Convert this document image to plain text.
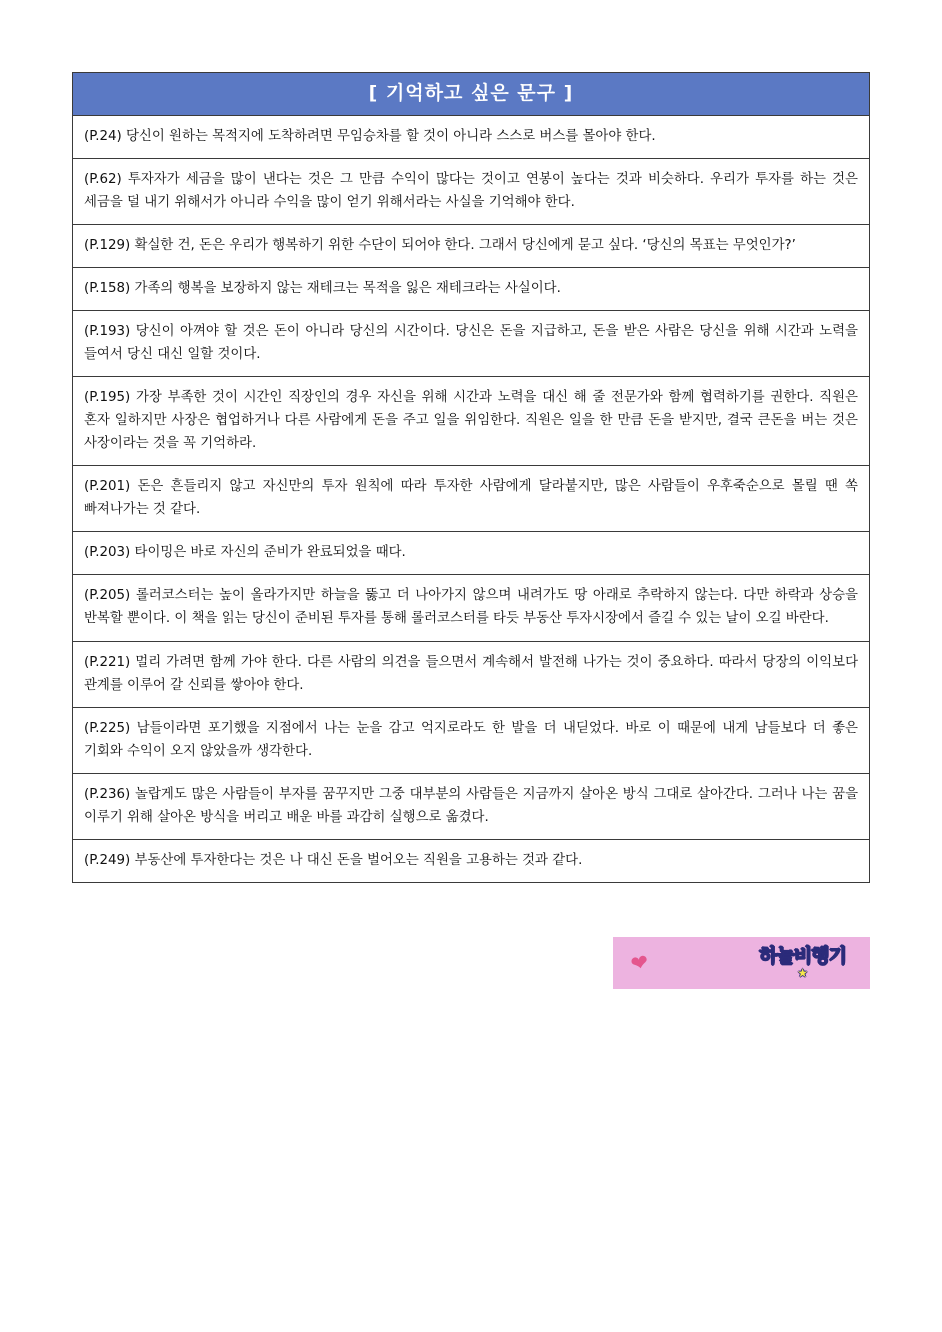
[ 기억하고 싶은 문구 ]
(P.24) 당신이 원하는 목적지에 도착하려면 무임승차를 할 것이 아니라 스스로 버스를 몰아야 한다.
(P.62) 투자자가 세금을 많이 낸다는 것은 그 만큼 수익이 많다는 것이고 연봉이 높다는 것과 비슷하다. 우리가 투자를 하는 것은 세금을 덜 내기 위해서가 아니라 수익을 많이 얻기 위해서라는 사실을 기억해야 한다.
(P.129) 확실한 건, 돈은 우리가 행복하기 위한 수단이 되어야 한다. 그래서 당신에게 묻고 싶다. ‘당신의 목표는 무엇인가?’
(P.158) 가족의 행복을 보장하지 않는 재테크는 목적을 잃은 재테크라는 사실이다.
(P.193) 당신이 아껴야 할 것은 돈이 아니라 당신의 시간이다. 당신은 돈을 지급하고, 돈을 받은 사람은 당신을 위해 시간과 노력을 들여서 당신 대신 일할 것이다.
(P.195) 가장 부족한 것이 시간인 직장인의 경우 자신을 위해 시간과 노력을 대신 해 줄 전문가와 함께 협력하기를 권한다. 직원은 혼자 일하지만 사장은 협업하거나 다른 사람에게 돈을 주고 일을 위임한다. 직원은 일을 한 만큼 돈을 받지만, 결국 큰돈을 버는 것은 사장이라는 것을 꼭 기억하라.
(P.201) 돈은 흔들리지 않고 자신만의 투자 원칙에 따라 투자한 사람에게 달라붙지만, 많은 사람들이 우후죽순으로 몰릴 땐 쏙 빠져나가는 것 같다.
(P.203) 타이밍은 바로 자신의 준비가 완료되었을 때다.
(P.205) 롤러코스터는 높이 올라가지만 하늘을 뚫고 더 나아가지 않으며 내려가도 땅 아래로 추락하지 않는다. 다만 하락과 상승을 반복할 뿐이다. 이 책을 읽는 당신이 준비된 투자를 통해 롤러코스터를 타듯 부동산 투자시장에서 즐길 수 있는 날이 오길 바란다.
(P.221) 멀리 가려면 함께 가야 한다. 다른 사람의 의견을 들으면서 계속해서 발전해 나가는 것이 중요하다. 따라서 당장의 이익보다 관계를 이루어 갈 신뢰를 쌓아야 한다.
(P.225) 남들이라면 포기했을 지점에서 나는 눈을 감고 억지로라도 한 발을 더 내딛었다. 바로 이 때문에 내게 남들보다 더 좋은 기회와 수익이 오지 않았을까 생각한다.
(P.236) 놀랍게도 많은 사람들이 부자를 꿈꾸지만 그중 대부분의 사람들은 지금까지 살아온 방식 그대로 살아간다. 그러나 나는 꿈을 이루기 위해 살아온 방식을 버리고 배운 바를 과감히 실행으로 옮겼다.
(P.249) 부동산에 투자한다는 것은 나 대신 돈을 벌어오는 직원을 고용하는 것과 같다.
❤	하늘비행기
★
